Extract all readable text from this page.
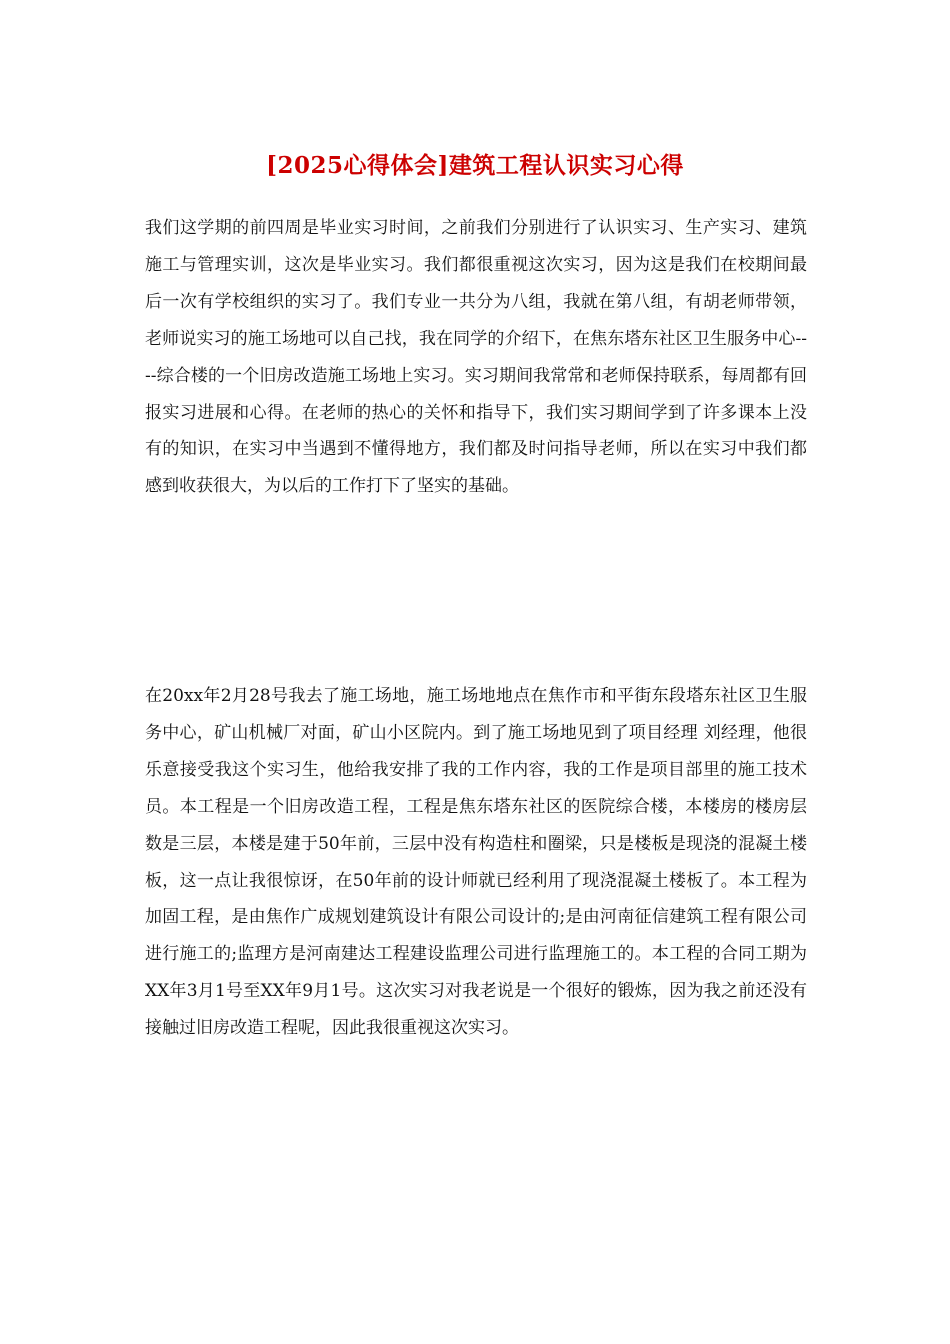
[2025心得体会]建筑工程认识实习心得

我们这学期的前四周是毕业实习时间，之前我们分别进行了认识实习、生产实习、建筑施工与管理实训，这次是毕业实习。我们都很重视这次实习，因为这是我们在校期间最后一次有学校组织的实习了。我们专业一共分为八组，我就在第八组，有胡老师带领，老师说实习的施工场地可以自己找，我在同学的介绍下，在焦东塔东社区卫生服务中心----综合楼的一个旧房改造施工场地上实习。实习期间我常常和老师保持联系，每周都有回报实习进展和心得。在老师的热心的关怀和指导下，我们实习期间学到了许多课本上没有的知识，在实习中当遇到不懂得地方，我们都及时问指导老师，所以在实习中我们都感到收获很大，为以后的工作打下了坚实的基础。

在20xx年2月28号我去了施工场地，施工场地地点在焦作市和平街东段塔东社区卫生服务中心，矿山机械厂对面，矿山小区院内。到了施工场地见到了项目经理 刘经理，他很乐意接受我这个实习生，他给我安排了我的工作内容，我的工作是项目部里的施工技术员。本工程是一个旧房改造工程，工程是焦东塔东社区的医院综合楼，本楼房的楼房层数是三层，本楼是建于50年前，三层中没有构造柱和圈梁，只是楼板是现浇的混凝土楼板，这一点让我很惊讶，在50年前的设计师就已经利用了现浇混凝土楼板了。本工程为加固工程，是由焦作广成规划建筑设计有限公司设计的;是由河南征信建筑工程有限公司进行施工的;监理方是河南建达工程建设监理公司进行监理施工的。本工程的合同工期为XX年3月1号至XX年9月1号。这次实习对我老说是一个很好的锻炼，因为我之前还没有接触过旧房改造工程呢，因此我很重视这次实习。
